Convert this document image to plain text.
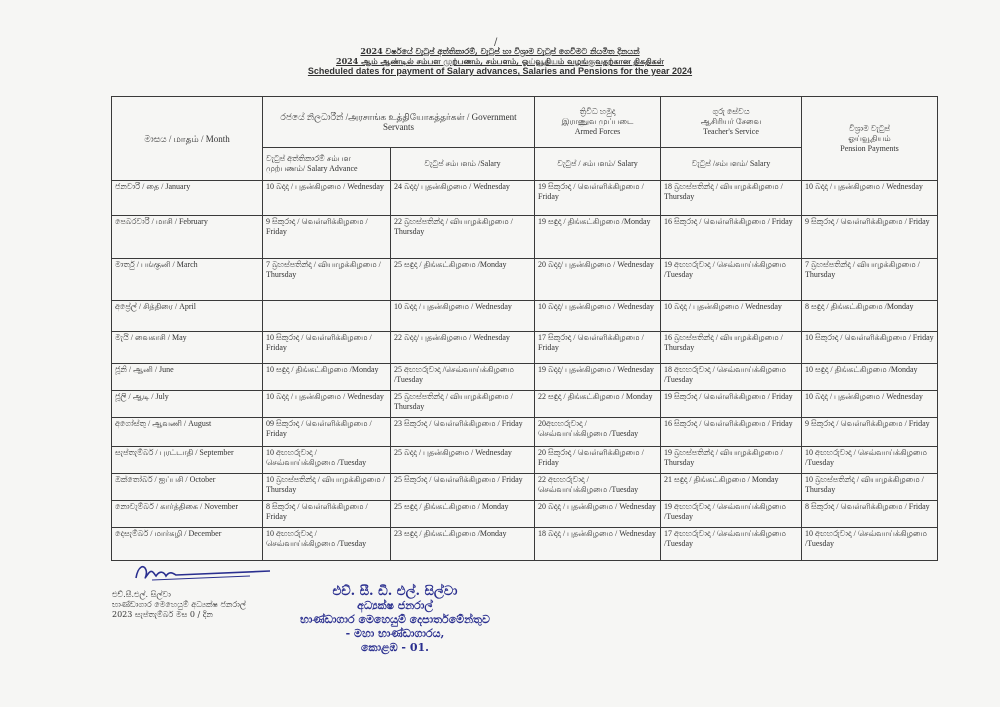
/
2024 වර්ෂයේ වැටුප් අත්තිකාරම්, වැටුප් හා විශ්‍රාම වැටුප් ගෙවීමට නියමිත දිනයන්
2024 ஆம் ஆண்டில் சம்பள முற்பணம், சம்பளம், ஓய்வூதியம் வழங்குவதற்கான திகதிகள்
Scheduled dates for payment of Salary advances, Salaries and Pensions for the year 2024
මාසය / மாதம் / Month	රජයේ නිලධාරීන් /அரசாங்க உத்தியோகத்தர்கள் / Government Servants		ත්‍රිවිධ හමුදා
இராணுவ முப்படை
Armed Forces	ගුරු සේවය
ஆசிரியர் சேவை
Teacher's Service	විශ්‍රාම වැටුප්
ஓய்வூதியம்
Pension Payments
	වැටුප් අත්තිකාරම් சம்பள முற்பணம்/ Salary Advance	වැටුප් சம்பளம் /Salary	වැටුප් / சம்பளம்/ Salary	වැටුප් /சம்பளம்/ Salary	
ජනවාරි / தை / January	10 බදාදා / புதன்கிழமை / Wednesday	24 බදාදා/ புதன்கிழமை / Wednesday	19 සිකුරාදා / வெள்ளிக்கிழமை / Friday	18 බ්‍රහස්පතින්දා / வியாழக்கிழமை / Thursday	10 බදාදා / புதன்கிழமை / Wednesday
පෙබරවාරි / மாசி / February	9 සිකුරාදා / வெள்ளிக்கிழமை / Friday	22 බ්‍රහස්පතින්දා / வியாழக்கிழமை / Thursday	19 සඳුදා / திங்கட்கிழமை /Monday	16 සිකුරාදා / வெள்ளிக்கிழமை / Friday	9 සිකුරාදා / வெள்ளிக்கிழமை / Friday
මාර්තු / பங்குனி / March	7 බ්‍රහස්පතින්දා / வியாழக்கிழமை / Thursday	25 සඳුදා / திங்கட்கிழமை /Monday	20 බදාදා/ புதன்கிழமை / Wednesday	19 අඟහරුවාදා / செவ்வாய்க்கிழமை /Tuesday	7 බ්‍රහස්පතින්දා / வியாழக்கிழமை / Thursday
අප්‍රේල් / சித்திரை / April		10 බදාදා / புதன்கிழமை / Wednesday	10 බදාදා/ புதன்கிழமை / Wednesday	10 බදාදා / புதன்கிழமை / Wednesday	8 සඳුදා / திங்கட்கிழமை /Monday
මැයි / வைகாசி / May	10 සිකුරාදා / வெள்ளிக்கிழமை / Friday	22 බදාදා/ புதன்கிழமை / Wednesday	17 සිකුරාදා / வெள்ளிக்கிழமை / Friday	16 බ්‍රහස්පතින්දා / வியாழக்கிழமை / Thursday	10 සිකුරාදා / வெள்ளிக்கிழமை / Friday
ජූනි / ஆனி / June	10 සඳුදා / திங்கட்கிழமை /Monday	25 අඟහරුවාදා /செவ்வாய்க்கிழமை /Tuesday	19 බදාදා/ புதன்கிழமை / Wednesday	18 අඟහරුවාදා / செவ்வாய்க்கிழமை /Tuesday	10 සඳුදා / திங்கட்கிழமை /Monday
ජූලි / ஆடி / July	10 බදාදා / புதன்கிழமை / Wednesday	25 බ්‍රහස්පතින්දා / வியாழக்கிழமை / Thursday	22 සඳුදා / திங்கட்கிழமை / Monday	19 සිකුරාදා / வெள்ளிக்கிழமை / Friday	10 බදාදා / புதன்கிழமை / Wednesday
අගෝස්තු / ஆவணி / August	09 සිකුරාදා / வெள்ளிக்கிழமை / Friday	23 සිකුරාදා / வெள்ளிக்கிழமை / Friday	20අඟහරුවාදා / செவ்வாய்க்கிழமை /Tuesday	16 සිකුරාදා / வெள்ளிக்கிழமை / Friday	9 සිකුරාදා / வெள்ளிக்கிழமை / Friday
සැප්තැම්බර් / புரட்டாதி / September	10 අඟහරුවාදා / செவ்வாய்க்கிழமை /Tuesday	25 බදාදා / புதன்கிழமை / Wednesday	20 සිකුරාදා / வெள்ளிக்கிழமை / Friday	19 බ්‍රහස්පතින්දා / வியாழக்கிழமை / Thursday	10 අඟහරුවාදා / செவ்வாய்க்கிழமை /Tuesday
ඔක්තෝබර් / ஐப்பசி / October	10 බ්‍රහස්පතින්දා / வியாழக்கிழமை / Thursday	25 සිකුරාදා / வெள்ளிக்கிழமை / Friday	22 අඟහරුවාදා / செவ்வாய்க்கிழமை /Tuesday	21 සඳුදා / திங்கட்கிழமை / Monday	10 බ්‍රහස්පතින්දා / வியாழக்கிழமை / Thursday
නොවැම්බර් / கார்த்திகை / November	8 සිකුරාදා / வெள்ளிக்கிழமை / Friday	25 සඳුදා / திங்கட்கிழமை / Monday	20 බදාදා / புதன்கிழமை / Wednesday	19 අඟහරුවාදා / செவ்வாய்க்கிழமை /Tuesday	8 සිකුරාදා / வெள்ளிக்கிழமை / Friday
දෙසැම්බර් / மார்கழி / December	10 අඟහරුවාදා / செவ்வாய்க்கிழமை /Tuesday	23 සඳුදා / திங்கட்கிழமை /Monday	18 බදාදා / புதன்கிழமை / Wednesday	17 අඟහරුවාදා / செவ்வாய்க்கிழமை /Tuesday	10 අඟහරුවාදා / செவ்வாய்க்கிழமை /Tuesday
එච්.සී.එල්. සිල්වා
භාණ්ඩාගාර මෙහෙයුම් අධ්‍යක්ෂ ජනරාල්
2023 සැප්තැම්බර් මස 0 / දින
එච්. සී. ඩී. එල්. සිල්වා
අධ්‍යක්ෂ ජනරාල්
භාණ්ඩාගාර මෙහෙයුම් දෙපාර්තමේන්තුව
- මහා භාණ්ඩාගාරය,
කොළඹ - 01.
